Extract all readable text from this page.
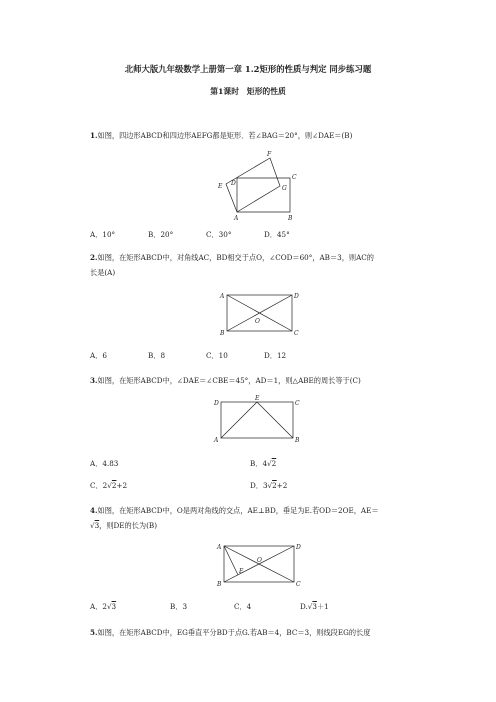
北师大版九年级数学上册第一章 1.2矩形的性质与判定 同步练习题
第1课时　矩形的性质
1.如图，四边形ABCD和四边形AEFG都是矩形．若∠BAG＝20°，则∠DAE＝(B)
F
E D
C
G
A	B
A．10°	B．20°	C．30°	D．45°
2.如图，在矩形ABCD中，对角线AC，BD相交于点O，∠COD＝60°，AB＝3，则AC的
长是(A)
A	D
O
B	C
A．6	B．8	C．10	D．12
3.如图，在矩形ABCD中，∠DAE＝∠CBE＝45°，AD＝1，则△ABE的周长等于(C)
D
E
C
A	B
A．4.83	B．4√2
C．2√2+2	D．3√2+2
4.如图，在矩形ABCD中，O是两对角线的交点，AE⊥BD，垂足为E.若OD＝2OE，AE＝
√3，则DE的长为(B)
A	D
O
E
B	C
A．2√3	B．3	C．4	D.√3＋1
5.如图，在矩形ABCD中，EG垂直平分BD于点G.若AB＝4，BC＝3，则线段EG的长度
